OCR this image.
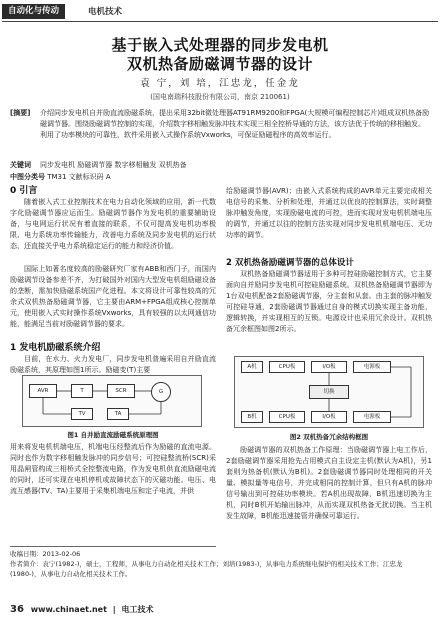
自动化与传动	电机技术
基于嵌入式处理器的同步发电机
双机热备励磁调节器的设计
袁 宁，刘 培，江忠龙，任金龙
(国电南瑞科技股份有限公司，南京 210061)
[摘要] 介绍同步发电机自并励直流励磁系统，提出采用32bit微处理器AT91RM9200和FPGA(大规模可编程控制芯片)组成双机热备励磁调节器。围绕励磁调节控制的实现，介绍数字移相触发脉冲技术实现三相全控桥导通的方法，该方法优于传统的移相触发。利用了功率模块的可靠性，软件采用嵌入式操作系统Vxworks，可保证励磁程序的高效率运行。
关键词 同步发电机 励磁调节器 数字移相触发 双机热备
中图分类号 TM31 文献标识码 A
0 引言
随着嵌入式工业控制技术在电力自动化领域的应用，新一代数字化励磁调节器应运而生。励磁调节器作为发电机的重要辅助设备，与电网运行状况有着直接的联系，不仅可提高发电机功率极限、电力系统功率传输能力，改善电力系统及同步发电机的运行状态，还直接关乎电力系统稳定运行的能力和经济价值。
国际上如著名度较高的励磁研究厂家有ABB和西门子，而国内励磁调节设备参差不齐，为打破国外对国内大型发电机组励磁设备的垄断，需加快励磁系统国产化进程。本文将设计可靠性较高的冗余式双机热备励磁调节器，它主要由ARM+FPGA组成核心控制单元，使用嵌入式实时操作系统Vxworks，具有较强的以太网通信功能，能满足当前对励磁调节器的要求。
1 发电机励磁系统介绍
目前，在水力、火力发电厂，同步发电机普遍采用自并励直流励磁系统，其原理如图1所示。励磁变(T)主要
AVR	T	SCR	G
TV	TA
图1 自并励直流励磁系统原理图
用来将发电机机端电压，机端电压经整流后作为励磁的直流电源。同时也作为数字移相触发脉冲的同步信号；可控硅整流桥(SCR)采用晶闸管构成三相桥式全控整流电路，作为发电机供直流励磁电流的同时，还可实现在电机停机或故障状态下的灭磁功能。电压、电流互感器(TV、TA)主要用于采集机端电压和定子电流，并供
给励磁调节器(AVR)；由嵌入式系统构成的AVR单元主要完成相关电信号的采集、分析和处理，并通过以优良的控制算法，实时调整脉冲触发角度，实现励磁电流的可控，进而实现对发电机机端电压的调节，并通过以往的控制方法实现对同步发电机机端电压、无功功率的调节。
2 双机热备励磁调节器的总体设计
双机热备励磁调节器适用于多种可控硅励磁控制方式，它主要面向自并励同步发电机可控硅励磁系统。双机热备励磁调节器即为1台双电机配备2套励磁调节器，分主套和从套。由主套的脉冲触发可控硅导通，2套励磁调节器通过自身的模式切换实现主备功能，逻辑转换，并实现相互的互锁。电源设计也采用冗余设计。双机热备冗余框图如图2所示。
A机	CPU板	I/O板	电源板
切换
B机	CPU板	I/O板	电源板
图2 双机热备冗余结构框图
励磁调节器的双机热备工作原理：当励磁调节器上电工作后，2套励磁调节器采用抢先占用模式自主设定主机(默认为A机)，另1套则为热备机(默认为B机)。2套励磁调节器同时处理相同的开关量、模拟量等电信号，并完成相同的控制计算，但只有A机的脉冲信号输出到可控硅功率模块。若A机出现故障，B机迅速切换为主机，同时B机开始输出脉冲，从而实现双机热备无扰切换。当主机发生故障，B机能迅速接管并确保可靠运行。
收稿日期：2013-02-06
作者简介：袁宁(1982-)，硕士，工程师，从事电力自动化相关技术工作；刘培(1983-)，从事电力系统继电保护的相关技术工作；江忠龙(1980-)，从事电力自动化相关技术工作。
36 www.chinaet.net | 电工技术
